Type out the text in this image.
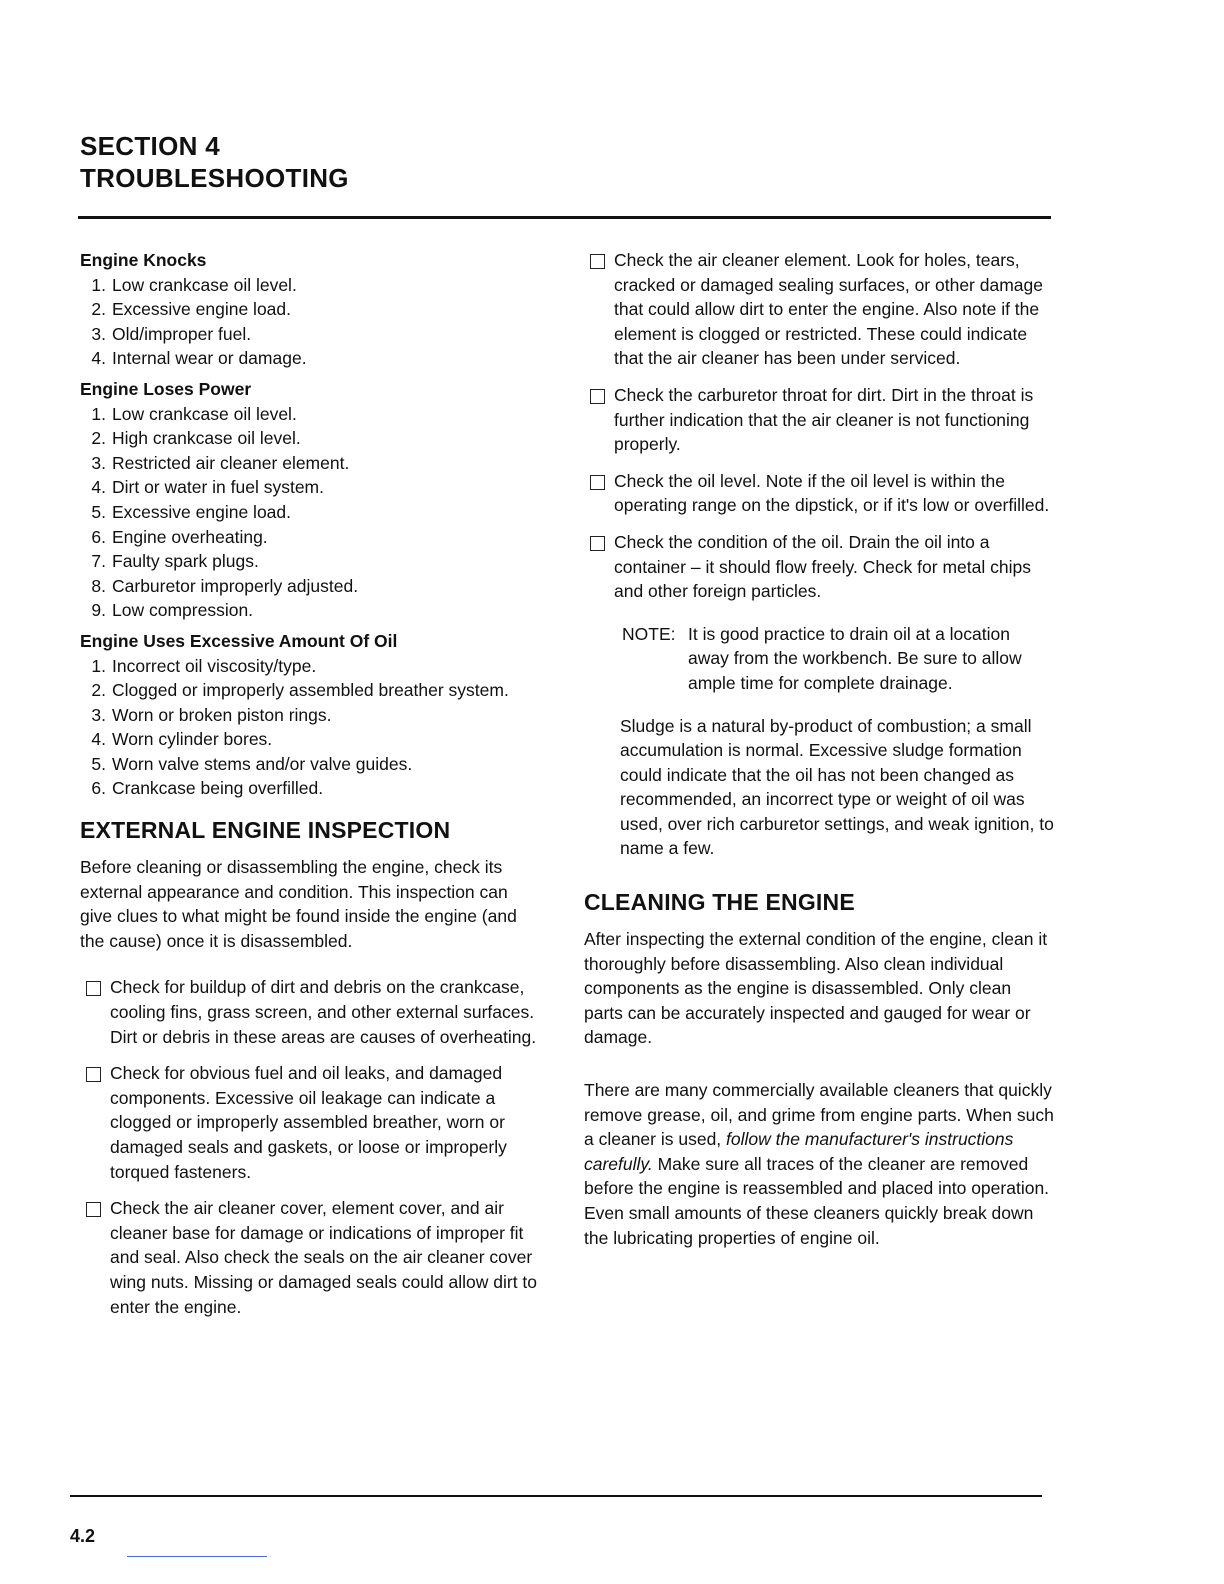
SECTION 4
TROUBLESHOOTING
Engine Knocks
1. Low crankcase oil level.
2. Excessive engine load.
3. Old/improper fuel.
4. Internal wear or damage.
Engine Loses Power
1. Low crankcase oil level.
2. High crankcase oil level.
3. Restricted air cleaner element.
4. Dirt or water in fuel system.
5. Excessive engine load.
6. Engine overheating.
7. Faulty spark plugs.
8. Carburetor improperly adjusted.
9. Low compression.
Engine Uses Excessive Amount Of Oil
1. Incorrect oil viscosity/type.
2. Clogged or improperly assembled breather system.
3. Worn or broken piston rings.
4. Worn cylinder bores.
5. Worn valve stems and/or valve guides.
6. Crankcase being overfilled.
EXTERNAL ENGINE INSPECTION

Before cleaning or disassembling the engine, check its external appearance and condition. This inspection can give clues to what might be found inside the engine (and the cause) once it is disassembled.

Check for buildup of dirt and debris on the crankcase, cooling fins, grass screen, and other external surfaces. Dirt or debris in these areas are causes of overheating.
Check for obvious fuel and oil leaks, and damaged components. Excessive oil leakage can indicate a clogged or improperly assembled breather, worn or damaged seals and gaskets, or loose or improperly torqued fasteners.
Check the air cleaner cover, element cover, and air cleaner base for damage or indications of improper fit and seal. Also check the seals on the air cleaner cover wing nuts. Missing or damaged seals could allow dirt to enter the engine.
Check the air cleaner element. Look for holes, tears, cracked or damaged sealing surfaces, or other damage that could allow dirt to enter the engine. Also note if the element is clogged or restricted. These could indicate that the air cleaner has been under serviced.
Check the carburetor throat for dirt. Dirt in the throat is further indication that the air cleaner is not functioning properly.
Check the oil level. Note if the oil level is within the operating range on the dipstick, or if it's low or overfilled.
Check the condition of the oil. Drain the oil into a container – it should flow freely. Check for metal chips and other foreign particles.
NOTE: It is good practice to drain oil at a location away from the workbench. Be sure to allow ample time for complete drainage.

Sludge is a natural by-product of combustion; a small accumulation is normal. Excessive sludge formation could indicate that the oil has not been changed as recommended, an incorrect type or weight of oil was used, over rich carburetor settings, and weak ignition, to name a few.

CLEANING THE ENGINE

After inspecting the external condition of the engine, clean it thoroughly before disassembling. Also clean individual components as the engine is disassembled. Only clean parts can be accurately inspected and gauged for wear or damage.

There are many commercially available cleaners that quickly remove grease, oil, and grime from engine parts. When such a cleaner is used, follow the manufacturer's instructions carefully. Make sure all traces of the cleaner are removed before the engine is reassembled and placed into operation. Even small amounts of these cleaners quickly break down the lubricating properties of engine oil.

4.2
